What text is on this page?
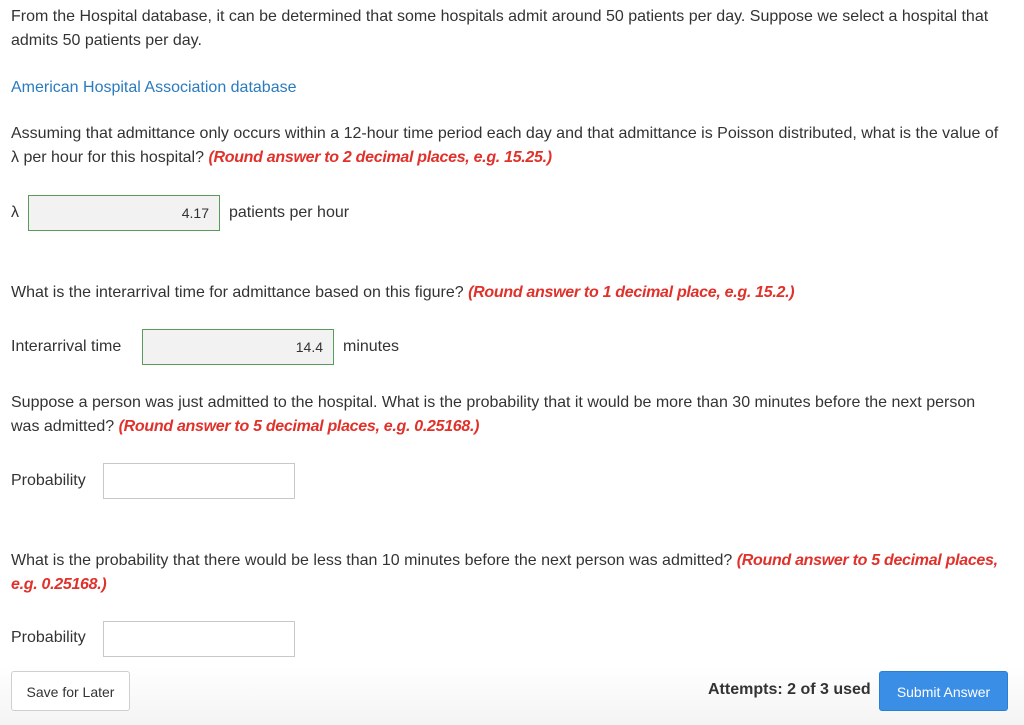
From the Hospital database, it can be determined that some hospitals admit around 50 patients per day. Suppose we select a hospital that admits 50 patients per day.

American Hospital Association database

Assuming that admittance only occurs within a 12-hour time period each day and that admittance is Poisson distributed, what is the value of λ per hour for this hospital? (Round answer to 2 decimal places, e.g. 15.25.)

λ
4.17	patients per hour

What is the interarrival time for admittance based on this figure? (Round answer to 1 decimal place, e.g. 15.2.)

Interarrival time
14.4	minutes

Suppose a person was just admitted to the hospital. What is the probability that it would be more than 30 minutes before the next person was admitted? (Round answer to 5 decimal places, e.g. 0.25168.)

Probability

What is the probability that there would be less than 10 minutes before the next person was admitted? (Round answer to 5 decimal places, e.g. 0.25168.)

Probability
Save for Later	Attempts: 2 of 3 used	Submit Answer
